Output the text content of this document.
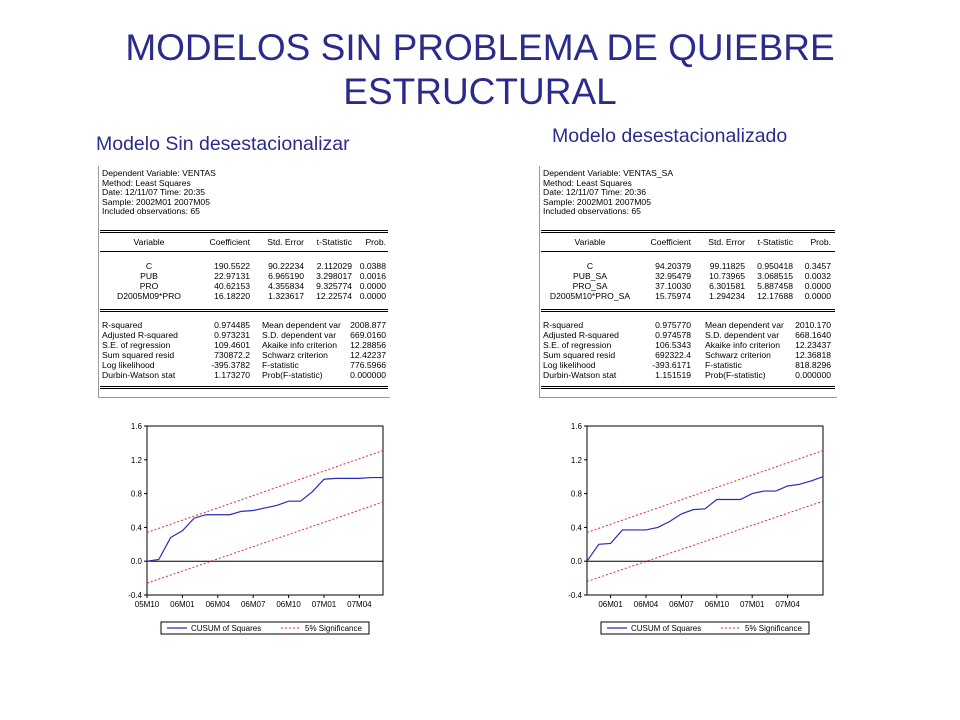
MODELOS SIN PROBLEMA DE QUIEBRE
ESTRUCTURAL
Modelo Sin desestacionalizar	Modelo desestacionalizado
Dependent Variable: VENTAS
Method: Least Squares
Date: 12/11/07 Time: 20:35
Sample: 2002M01 2007M05
Included observations: 65
Variable	Coefficient	Std. Error	t-Statistic	Prob.
C	190.5522	90.22234	2.112029 0.0388
PUB	22.97131	6.965190	3.298017 0.0016
PRO	40.62153	4.355834	9.325774 0.0000
D2005M09*PRO	16.18220	1.323617	12.22574 0.0000
R-squared	0.974485 Mean dependent var	2008.877
Adjusted R-squared	0.973231 S.D. dependent var	669.0160
S.E. of regression	109.4601 Akaike info criterion	12.28856
Sum squared resid	730872.2 Schwarz criterion	12.42237
Log likelihood	-395.3782 F-statistic	776.5966
Durbin-Watson stat	1.173270 Prob(F-statistic)	0.000000
Dependent Variable: VENTAS_SA
Method: Least Squares
Date: 12/11/07 Time: 20:36
Sample: 2002M01 2007M05
Included observations: 65
Variable	Coefficient	Std. Error	t-Statistic	Prob.
C	94.20379	99.11825	0.950418	0.3457
PUB_SA	32.95479	10.73965	3.068515	0.0032
PRO_SA	37.10030	6.301581	5.887458	0.0000
D2005M10*PRO_SA	15.75974	1.294234	12.17688	0.0000
R-squared	0.975770 Mean dependent var	2010.170
Adjusted R-squared	0.974578 S.D. dependent var	668.1640
S.E. of regression	106.5343 Akaike info criterion	12.23437
Sum squared resid	692322.4 Schwarz criterion	12.36818
Log likelihood	-393.6171 F-statistic	818.8296
Durbin-Watson stat	1.151519 Prob(F-statistic)	0.000000
1.6
1.2
0.8
0.4
0.0
-0.4
05M10 06M01 06M04 06M07 06M10 07M01 07M04
CUSUM of Squares	5% Significance
1.6
1.2
0.8
0.4
0.0
-0.4
06M01 06M04 06M07 06M10 07M01 07M04
CUSUM of Squares	5% Significance
